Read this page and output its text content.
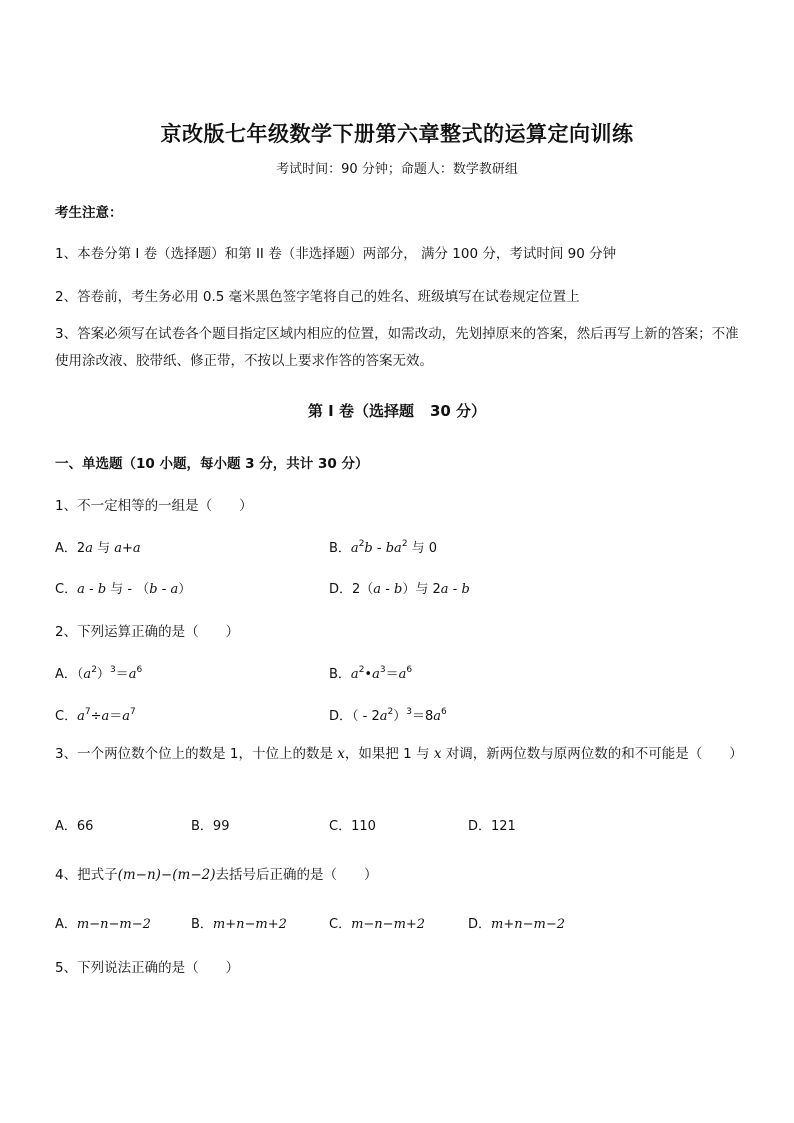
京改版七年级数学下册第六章整式的运算定向训练
考试时间：90 分钟；命题人：数学教研组
考生注意：
1、本卷分第 I 卷（选择题）和第 II 卷（非选择题）两部分， 满分 100 分，考试时间 90 分钟
2、答卷前，考生务必用 0.5 毫米黑色签字笔将自己的姓名、班级填写在试卷规定位置上
3、答案必须写在试卷各个题目指定区域内相应的位置，如需改动，先划掉原来的答案，然后再写上新的答案；不准使用涂改液、胶带纸、修正带，不按以上要求作答的答案无效。
第 I 卷（选择题 30 分）
一、单选题（10 小题，每小题 3 分，共计 30 分）
1、不一定相等的一组是（　　）
A．2a 与 a+a	B．$a^2b - ba^2$ 与 0
C．a - b 与 - （b - a）	D．2（a - b）与 2a - b
2、下列运算正确的是（　　）
A．$(a^2)^3=a^6$	B．$a^2•a^3=a^6$
C．$a^7\div a=a^7$	D．（ - $2a^2)^3=8a^6$
3、一个两位数个位上的数是 1，十位上的数是 x，如果把 1 与 x 对调，新两位数与原两位数的和不可能是（　　）
A．66	B．99	C．110	D．121
4、把式子(m−n)−(m−2)去括号后正确的是（　　）
A．m−n−m−2	B．m+n−m+2	C．m−n−m+2	D．m+n−m−2
5、下列说法正确的是（　　）
